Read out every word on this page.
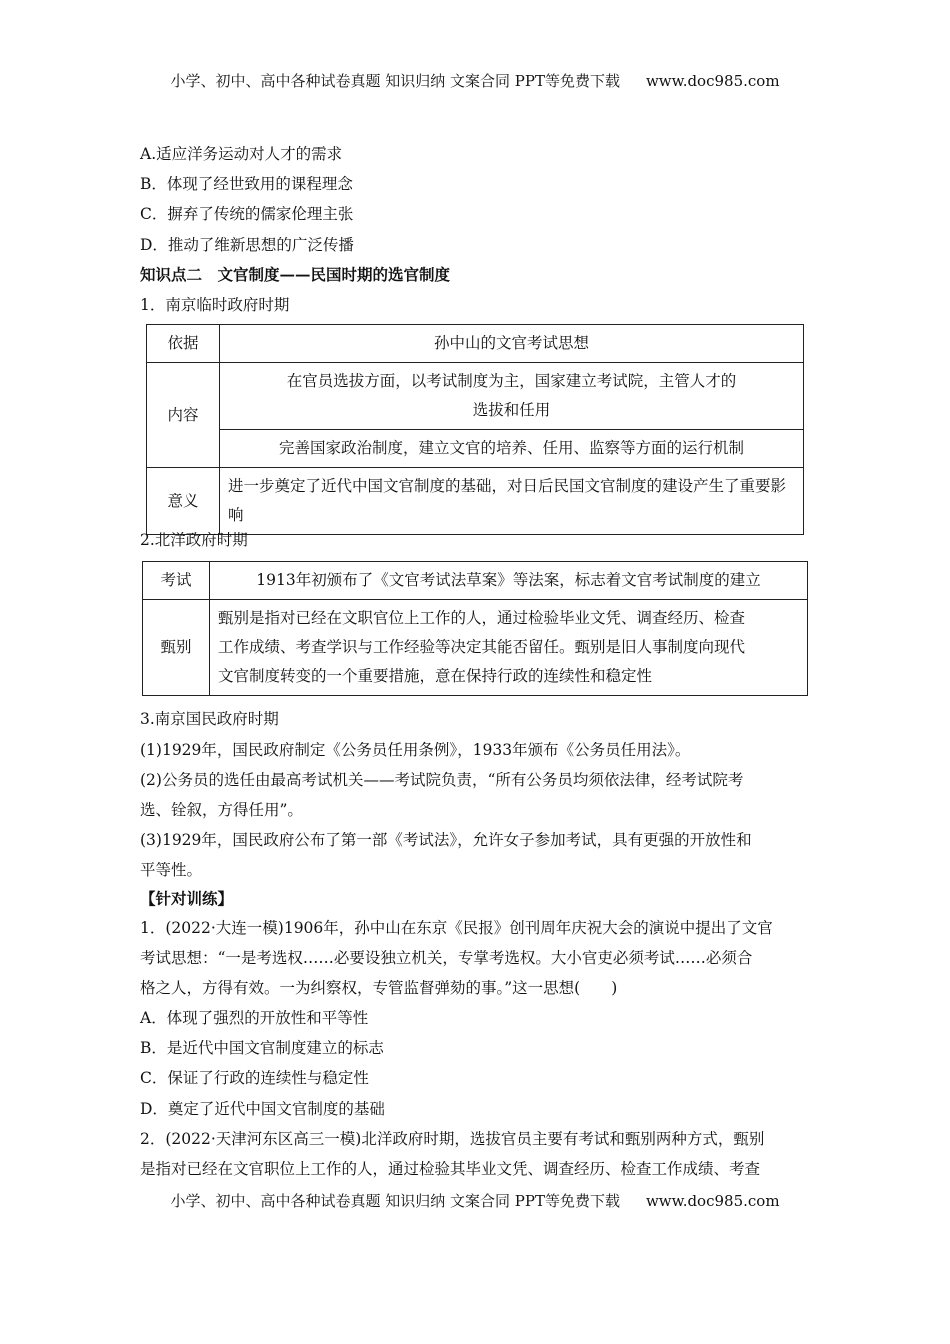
小学、初中、高中各种试卷真题 知识归纳 文案合同 PPT等免费下载 www.doc985.com
A.适应洋务运动对人才的需求
B．体现了经世致用的课程理念
C．摒弃了传统的儒家伦理主张
D．推动了维新思想的广泛传播
知识点二　文官制度——民国时期的选官制度
1．南京临时政府时期
依据	孙中山的文官考试思想
内容	在官员选拔方面，以考试制度为主，国家建立考试院，主管人才的选拔和任用
	完善国家政治制度，建立文官的培养、任用、监察等方面的运行机制
意义	进一步奠定了近代中国文官制度的基础，对日后民国文官制度的建设产生了重要影响
2.北洋政府时期
考试	1913年初颁布了《文官考试法草案》等法案，标志着文官考试制度的建立
甄别	甄别是指对已经在文职官位上工作的人，通过检验毕业文凭、调查经历、检查
工作成绩、考查学识与工作经验等决定其能否留任。甄别是旧人事制度向现代
文官制度转变的一个重要措施，意在保持行政的连续性和稳定性
3.南京国民政府时期
(1)1929年，国民政府制定《公务员任用条例》，1933年颁布《公务员任用法》。
(2)公务员的选任由最高考试机关——考试院负责，“所有公务员均须依法律，经考试院考
选、铨叙，方得任用”。
(3)1929年，国民政府公布了第一部《考试法》，允许女子参加考试，具有更强的开放性和
平等性。
【针对训练】
1．(2022·大连一模)1906年，孙中山在东京《民报》创刊周年庆祝大会的演说中提出了文官
考试思想：“一是考选权……必要设独立机关，专掌考选权。大小官吏必须考试……必须合
格之人，方得有效。一为纠察权，专管监督弹劾的事。”这一思想(　　)
A．体现了强烈的开放性和平等性
B．是近代中国文官制度建立的标志
C．保证了行政的连续性与稳定性
D．奠定了近代中国文官制度的基础
2．(2022·天津河东区高三一模)北洋政府时期，选拔官员主要有考试和甄别两种方式，甄别
是指对已经在文官职位上工作的人，通过检验其毕业文凭、调查经历、检查工作成绩、考查
小学、初中、高中各种试卷真题 知识归纳 文案合同 PPT等免费下载 www.doc985.com
